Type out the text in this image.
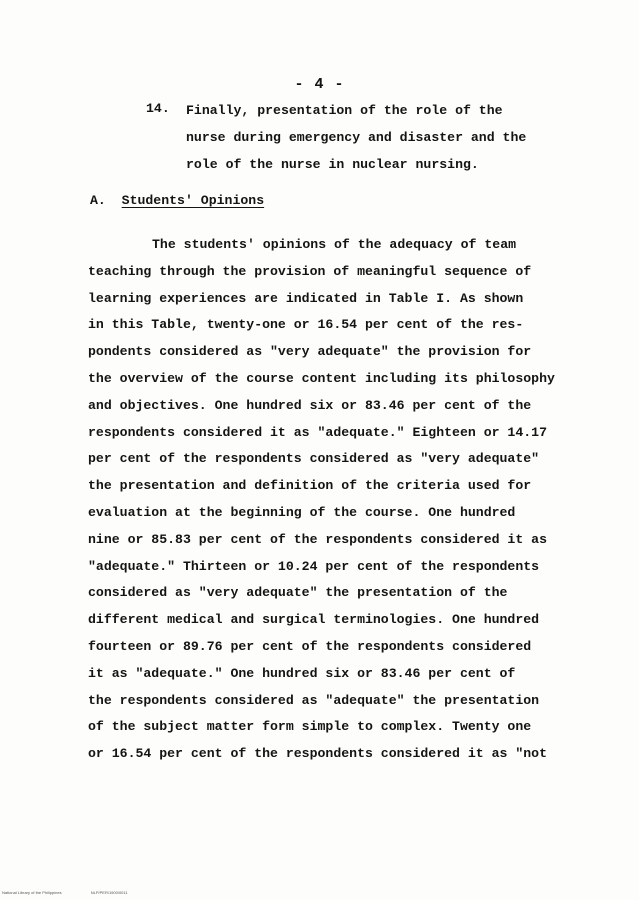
- 4 -
14.	Finally, presentation of the role of the
nurse during emergency and disaster and the
role of the nurse in nuclear nursing.
A. Students' Opinions
The students' opinions of the adequacy of team
teaching through the provision of meaningful sequence of
learning experiences are indicated in Table I. As shown
in this Table, twenty-one or 16.54 per cent of the res-
pondents considered as "very adequate" the provision for
the overview of the course content including its philosophy
and objectives. One hundred six or 83.46 per cent of the
respondents considered it as "adequate." Eighteen or 14.17
per cent of the respondents considered as "very adequate"
the presentation and definition of the criteria used for
evaluation at the beginning of the course. One hundred
nine or 85.83 per cent of the respondents considered it as
"adequate." Thirteen or 10.24 per cent of the respondents
considered as "very adequate" the presentation of the
different medical and surgical terminologies. One hundred
fourteen or 89.76 per cent of the respondents considered
it as "adequate." One hundred six or 83.46 per cent of
the respondents considered as "adequate" the presentation
of the subject matter form simple to complex. Twenty one
or 16.54 per cent of the respondents considered it as "not
National Library of the Philippines	NLP/PER/1900/0011
